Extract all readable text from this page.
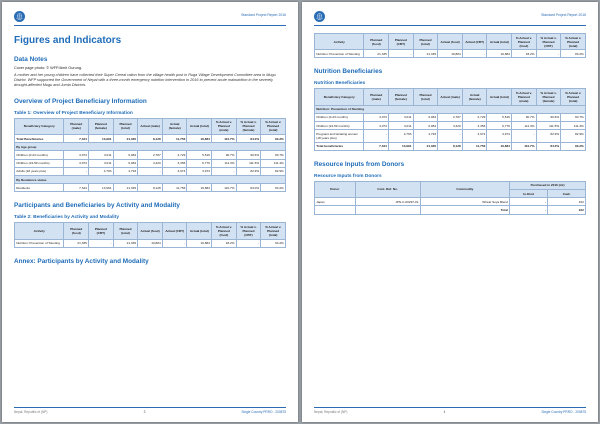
Standard Project Report 2016
Figures and Indicators
Data Notes

Cover page photo: © WFP/Amit Gurung.

A mother and her young children have collected their Super Cereal ration from the village health post in Ruga Village Development Committee area in Mugu District. WFP supported the Government of Nepal with a three-month emergency nutrition intervention in 2016 to prevent acute malnutrition in the severely drought-affected Mugu and Jumla Districts.

Overview of Project Beneficiary Information
Table 1: Overview of Project Beneficiary Information
Beneficiary Category	Planned (male)	Planned (female)	Planned (total)	Actual (male)	Actual (female)	Actual (total)	% Actual v. Planned (male)	% Actual v. Planned (female)	% Actual v. Planned (total)
Total Beneficiaries	7,344	13,991	21,335	8,128	11,756	19,884	110.7%	84.0%	93.2%
By Age group									
Children (0-23 months)	3,073	3,011	6,084	2,787	2,729	5,516	90.7%	90.6%	90.7%
Children (24-59 months)	3,073	3,011	6,084	3,420	3,356	6,776	111.3%	111.5%	111.4%
Adults (18 years plus)	-	4,793	4,793	-	3,974	3,974	-	82.9%	82.9%
By Residence status									
Residents	7,344	13,991	21,335	8,128	11,756	19,884	110.7%	84.0%	93.2%
Participants and Beneficiaries by Activity and Modality
Table 2: Beneficiaries by Activity and Modality
Activity	Planned (food)	Planned (CBT)	Planned (total)	Actual (food)	Actual (CBT)	Actual (total)	% Actual v. Planned (food)	% Actual v. Planned (CBT)	% Actual v. Planned (total)
Nutrition: Prevention of Stunting	21,335	-	21,335	19,884	-	19,884	93.2%	-	93.2%
Annex: Participants by Activity and Modality
Nepal, Republic of (NP)	3	Single Country PRRO - 200875
Standard Project Report 2016
Activity	Planned (food)	Planned (CBT)	Planned (total)	Actual (food)	Actual (CBT)	Actual (total)	% Actual v. Planned (food)	% Actual v. Planned (CBT)	% Actual v. Planned (total)
Nutrition: Prevention of Stunting	21,335	-	21,335	19,884	-	19,884	93.2%	-	93.2%
Nutrition Beneficiaries
Nutrition Beneficiaries
Beneficiary Category	Planned (male)	Planned (female)	Planned (total)	Actual (male)	Actual (female)	Actual (total)	% Actual v. Planned (male)	% Actual v. Planned (female)	% Actual v. Planned (total)
Nutrition: Prevention of Stunting									
Children (0-23 months)	3,073	3,011	6,084	2,787	2,729	5,516	90.7%	90.6%	90.7%
Children (24-59 months)	3,073	3,011	6,084	3,420	3,356	6,776	111.3%	111.5%	111.4%
Pregnant and lactating women (18 years plus)	-	4,793	4,793	-	3,974	3,974	-	82.9%	82.9%
Total beneficiaries	7,344	13,991	21,335	8,128	11,756	19,884	110.7%	84.0%	93.2%
Resource Inputs from Donors
Resource Inputs from Donors
Donor	Cont. Ref. No.	Commodity	Purchased in 2016 (mt)	
			In-Kind	Cash
Japan	JPN-C-00297-01	Wheat Soya Blend	-	162
		Total	-	162
Nepal, Republic of (NP)	4	Single Country PRRO - 200875
